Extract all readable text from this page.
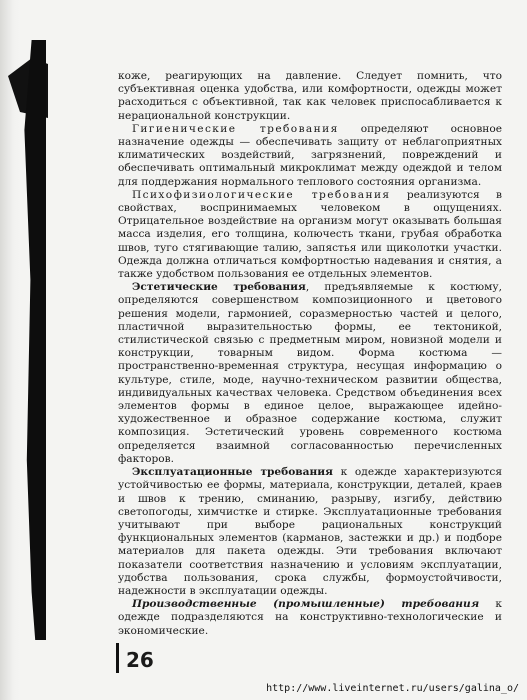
коже, реагирующих на давление. Следует помнить, что субъективная оценка удобства, или комфортности, одежды может расходиться с объективной, так как человек приспосабливается к нерациональной конструкции.

Гигиенические требования определяют основное назначение одежды — обеспечивать защиту от неблагоприятных климатических воздействий, загрязнений, повреждений и обеспечивать оптимальный микроклимат между одеждой и телом для поддержания нормального теплового состояния организма.

Психофизиологические требования реализуются в свойствах, воспринимаемых человеком в ощущениях. Отрицательное воздействие на организм могут оказывать большая масса изделия, его толщина, колючесть ткани, грубая обработка швов, туго стягивающие талию, запястья или щиколотки участки. Одежда должна отличаться комфортностью надевания и снятия, а также удобством пользования ее отдельных элементов.

Эстетические требования, предъявляемые к костюму, определяются совершенством композиционного и цветового решения модели, гармонией, соразмерностью частей и целого, пластичной выразительностью формы, ее тектоникой, стилистической связью с предметным миром, новизной модели и конструкции, товарным видом. Форма костюма — пространственно-временная структура, несущая информацию о культуре, стиле, моде, научно-техническом развитии общества, индивидуальных качествах человека. Средством объединения всех элементов формы в единое целое, выражающее идейно-художественное и образное содержание костюма, служит композиция. Эстетический уровень современного костюма определяется взаимной согласованностью перечисленных факторов.

Эксплуатационные требования к одежде характеризуются устойчивостью ее формы, материала, конструкции, деталей, краев и швов к трению, сминанию, разрыву, изгибу, действию светопогоды, химчистке и стирке. Эксплуатационные требования учитывают при выборе рациональных конструкций функциональных элементов (карманов, застежки и др.) и подборе материалов для пакета одежды. Эти требования включают показатели соответствия назначению и условиям эксплуатации, удобства пользования, срока службы, формоустойчивости, надежности в эксплуатации одежды.

Производственные (промышленные) требования к одежде подразделяются на конструктивно-технологические и экономические.

26
http://www.liveinternet.ru/users/galina_o/
